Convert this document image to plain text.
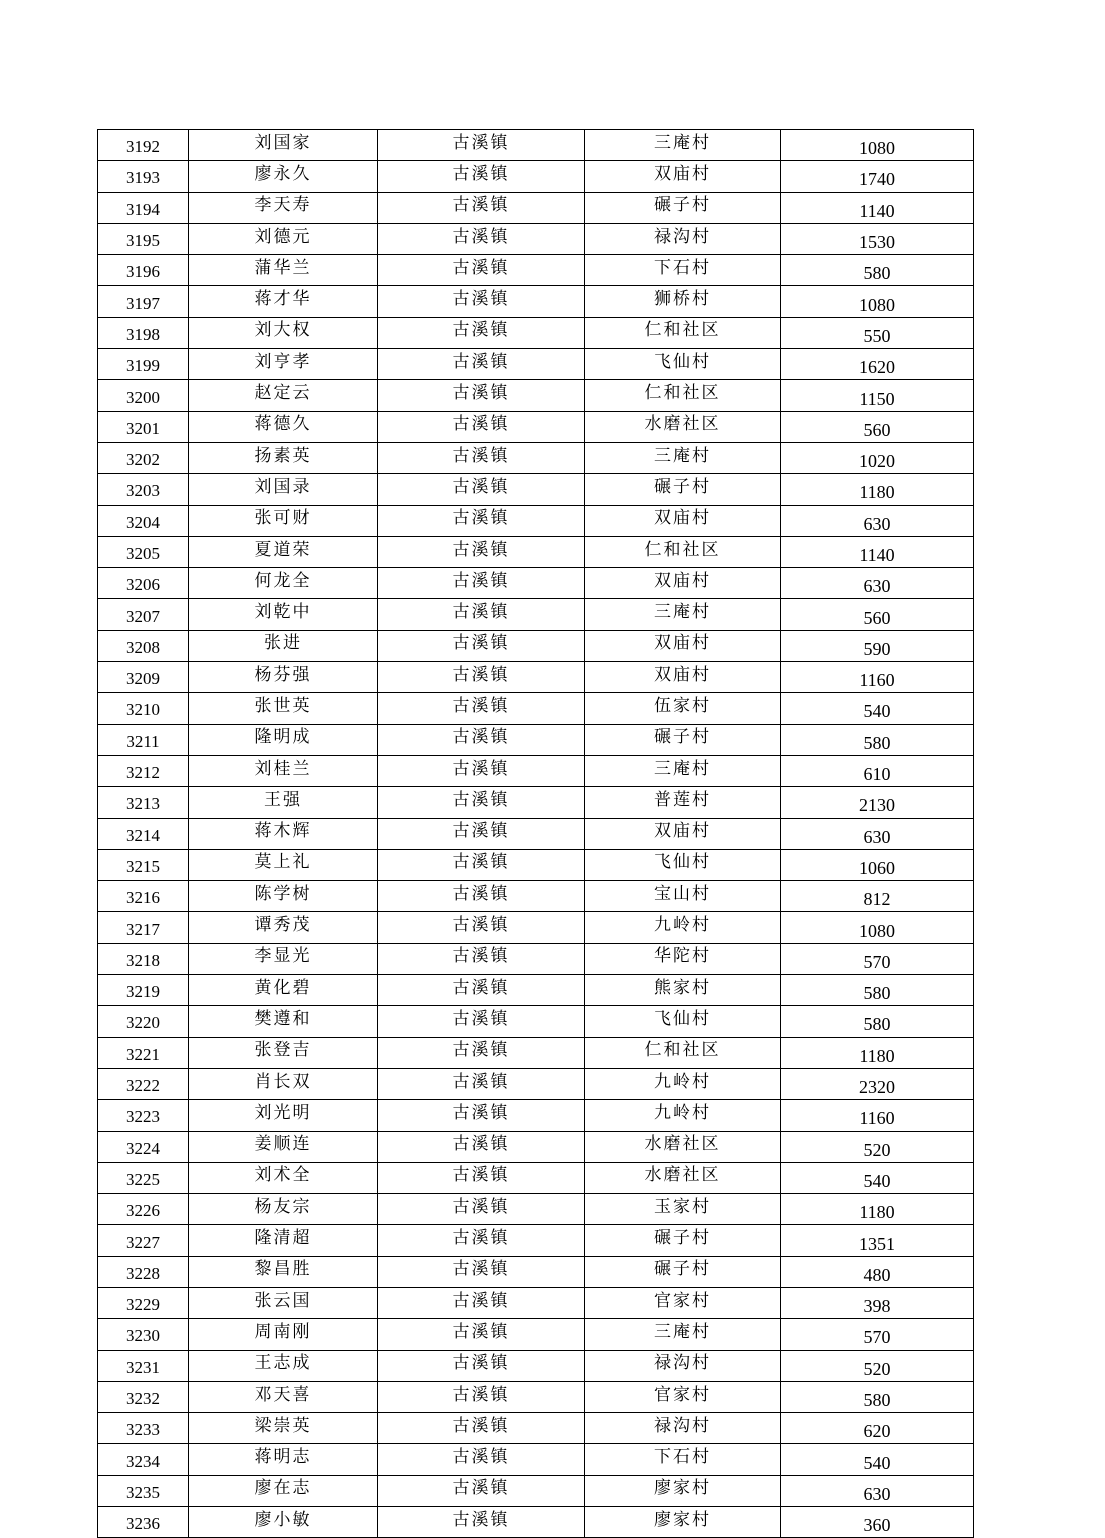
3192	刘国家	古溪镇	三庵村	1080
3193	廖永久	古溪镇	双庙村	1740
3194	李天寿	古溪镇	碾子村	1140
3195	刘德元	古溪镇	禄沟村	1530
3196	蒲华兰	古溪镇	下石村	580
3197	蒋才华	古溪镇	狮桥村	1080
3198	刘大权	古溪镇	仁和社区	550
3199	刘亨孝	古溪镇	飞仙村	1620
3200	赵定云	古溪镇	仁和社区	1150
3201	蒋德久	古溪镇	水磨社区	560
3202	扬素英	古溪镇	三庵村	1020
3203	刘国录	古溪镇	碾子村	1180
3204	张可财	古溪镇	双庙村	630
3205	夏道荣	古溪镇	仁和社区	1140
3206	何龙全	古溪镇	双庙村	630
3207	刘乾中	古溪镇	三庵村	560
3208	张进	古溪镇	双庙村	590
3209	杨芬强	古溪镇	双庙村	1160
3210	张世英	古溪镇	伍家村	540
3211	隆明成	古溪镇	碾子村	580
3212	刘桂兰	古溪镇	三庵村	610
3213	王强	古溪镇	普莲村	2130
3214	蒋木辉	古溪镇	双庙村	630
3215	莫上礼	古溪镇	飞仙村	1060
3216	陈学树	古溪镇	宝山村	812
3217	谭秀茂	古溪镇	九岭村	1080
3218	李显光	古溪镇	华陀村	570
3219	黄化碧	古溪镇	熊家村	580
3220	樊遵和	古溪镇	飞仙村	580
3221	张登吉	古溪镇	仁和社区	1180
3222	肖长双	古溪镇	九岭村	2320
3223	刘光明	古溪镇	九岭村	1160
3224	姜顺连	古溪镇	水磨社区	520
3225	刘术全	古溪镇	水磨社区	540
3226	杨友宗	古溪镇	玉家村	1180
3227	隆清超	古溪镇	碾子村	1351
3228	黎昌胜	古溪镇	碾子村	480
3229	张云国	古溪镇	官家村	398
3230	周南刚	古溪镇	三庵村	570
3231	王志成	古溪镇	禄沟村	520
3232	邓天喜	古溪镇	官家村	580
3233	梁崇英	古溪镇	禄沟村	620
3234	蒋明志	古溪镇	下石村	540
3235	廖在志	古溪镇	廖家村	630
3236	廖小敏	古溪镇	廖家村	360
